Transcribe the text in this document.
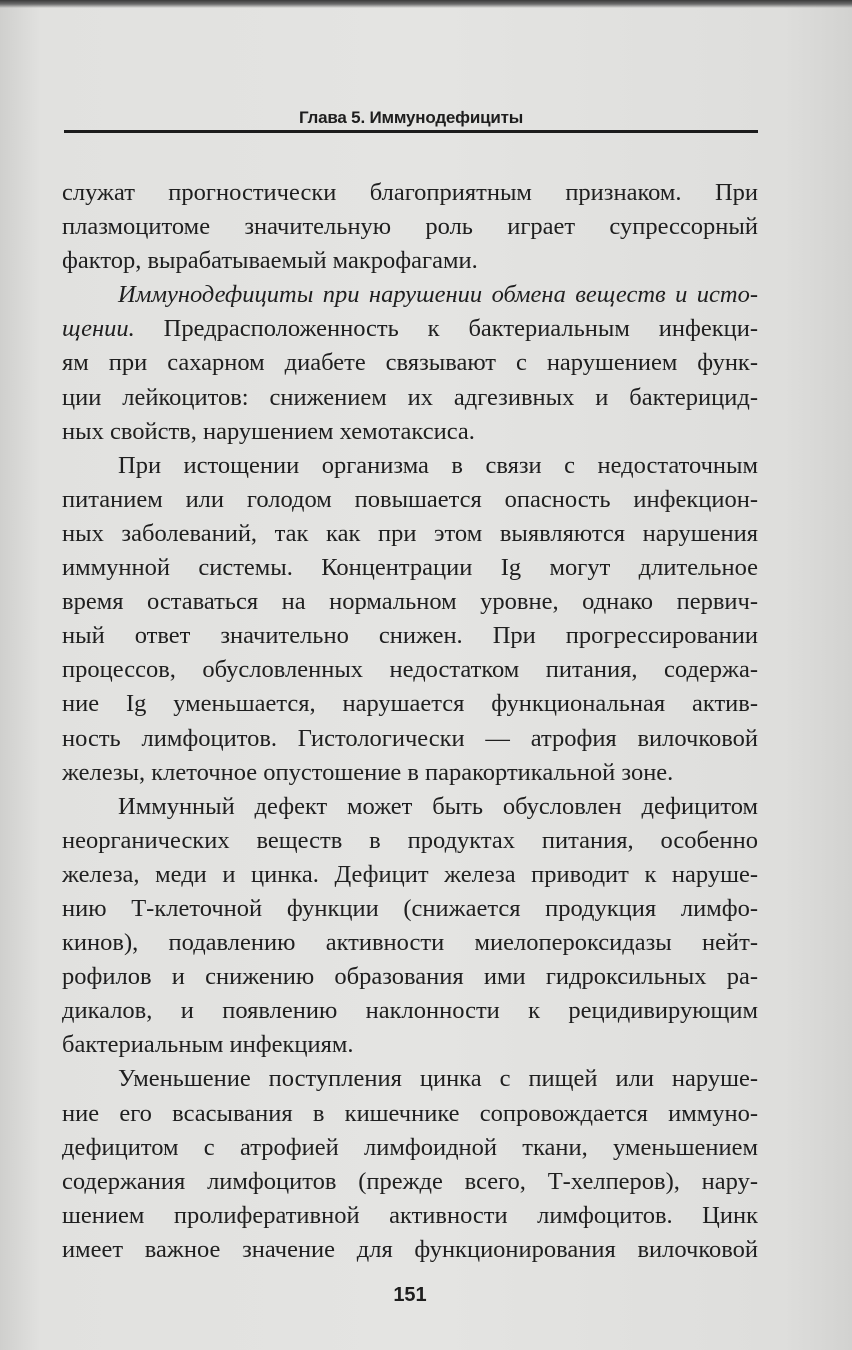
Глава 5. Иммунодефициты
служат прогностически благоприятным признаком. При
плазмоцитоме значительную роль играет супрессорный
фактор, вырабатываемый макрофагами.
Иммунодефициты при нарушении обмена веществ и исто-
щении. Предрасположенность к бактериальным инфекци-
ям при сахарном диабете связывают с нарушением функ-
ции лейкоцитов: снижением их адгезивных и бактерицид-
ных свойств, нарушением хемотаксиса.
При истощении организма в связи с недостаточным
питанием или голодом повышается опасность инфекцион-
ных заболеваний, так как при этом выявляются нарушения
иммунной системы. Концентрации Ig могут длительное
время оставаться на нормальном уровне, однако первич-
ный ответ значительно снижен. При прогрессировании
процессов, обусловленных недостатком питания, содержа-
ние Ig уменьшается, нарушается функциональная актив-
ность лимфоцитов. Гистологически — атрофия вилочковой
железы, клеточное опустошение в паракортикальной зоне.
Иммунный дефект может быть обусловлен дефицитом
неорганических веществ в продуктах питания, особенно
железа, меди и цинка. Дефицит железа приводит к наруше-
нию Т-клеточной функции (снижается продукция лимфо-
кинов), подавлению активности миелопероксидазы нейт-
рофилов и снижению образования ими гидроксильных ра-
дикалов, и появлению наклонности к рецидивирующим
бактериальным инфекциям.
Уменьшение поступления цинка с пищей или наруше-
ние его всасывания в кишечнике сопровождается иммуно-
дефицитом с атрофией лимфоидной ткани, уменьшением
содержания лимфоцитов (прежде всего, Т-хелперов), нару-
шением пролиферативной активности лимфоцитов. Цинк
имеет важное значение для функционирования вилочковой
151
